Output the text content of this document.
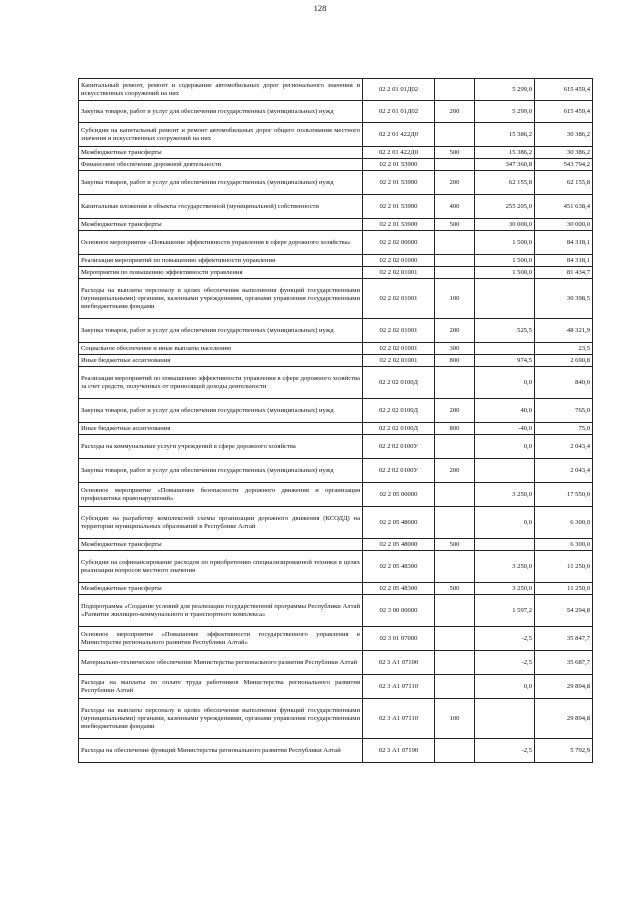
128
Капитальный ремонт, ремонт и содержание автомобильных дорог регионального значения и искусственных сооружений на них	02 2 01 01Д02		5 299,0	615 459,4
Закупка товаров, работ и услуг для обеспечения государственных (муниципальных) нужд	02 2 01 01Д02	200	5 299,0	615 459,4
Субсидии на капитальный ремонт и ремонт автомобильных дорог общего пользования местного значения и искусственных сооружений на них	02 2 01 422Д0		15 386,2	30 386,2
Межбюджетные трансферты	02 2 01 422Д0	500	15 386,2	30 386,2
Финансовое обеспечение дорожной деятельности	02 2 01 53900		347 360,8	543 794,2
Закупка товаров, работ и услуг для обеспечения государственных (муниципальных) нужд	02 2 01 53900	200	62 155,8	62 155,8
Капитальные вложения в объекты государственной (муниципальной) собственности	02 2 01 53900	400	255 205,0	451 638,4
Межбюджетные трансферты	02 2 01 53900	500	30 000,0	30 000,0
Основное мероприятие «Повышение эффективности управления в сфере дорожного хозяйства»	02 2 02 00000		1 500,0	84 318,1
Реализация мероприятий по повышению эффективности управления	02 2 02 01000		1 500,0	84 318,1
Мероприятия по повышению эффективности управления	02 2 02 01001		1 500,0	81 434,7
Расходы на выплаты персоналу в целях обеспечения выполнения функций государственными (муниципальными) органами, казенными учреждениями, органами управления государственными внебюджетными фондами	02 2 02 01001	100		30 398,5
Закупка товаров, работ и услуг для обеспечения государственных (муниципальных) нужд	02 2 02 01001	200	525,5	48 321,9
Социальное обеспечение и иные выплаты населению	02 2 02 01001	300		23,5
Иные бюджетные ассигнования	02 2 02 01001	800	974,5	2 690,8
Реализация мероприятий по повышению эффективности управления в сфере дорожного хозяйства за счет средств, полученных от приносящей доходы деятельности	02 2 02 0100Д		0,0	840,0
Закупка товаров, работ и услуг для обеспечения государственных (муниципальных) нужд	02 2 02 0100Д	200	40,0	765,0
Иные бюджетные ассигнования	02 2 02 0100Д	800	-40,0	75,0
Расходы на коммунальные услуги учреждений в сфере дорожного хозяйства	02 2 02 0100У		0,0	2 043,4
Закупка товаров, работ и услуг для обеспечения государственных (муниципальных) нужд	02 2 02 0100У	200		2 043,4
Основное мероприятие «Повышение безопасности дорожного движения и организация профилактика правонарушений»	02 2 05 00000		3 250,0	17 550,0
Субсидии на разработку комплексной схемы организации дорожного движения (КСОДД) на территории муниципальных образований в Республике Алтай	02 2 05 48000		0,0	6 300,0
Межбюджетные трансферты	02 2 05 48000	500		6 300,0
Субсидии на софинансирование расходов по приобретению специализированной техники в целях реализации вопросов местного значения	02 2 05 48300		3 250,0	11 250,0
Межбюджетные трансферты	02 2 05 48300	500	3 250,0	11 250,0
Подпрограмма «Создание условий для реализации государственной программы Республики Алтай «Развитие жилищно-коммунального и транспортного комплекса»	02 3 00 00000		1 597,2	54 294,8
Основное мероприятие «Повышение эффективности государственного управления в Министерстве регионального развития Республики Алтай»	02 3 01 07000		-2,5	35 847,7
Материально-техническое обеспечение Министерства регионального развития Республики Алтай	02 3 А1 07100		-2,5	35 687,7
Расходы на выплаты по оплате труда работников Министерства регионального развития Республики Алтай	02 3 А1 07110		0,0	29 894,8
Расходы на выплаты персоналу в целях обеспечения выполнения функций государственными (муниципальными) органами, казенными учреждениями, органами управления государственными внебюджетными фондами	02 3 А1 07110	100		29 894,8
Расходы на обеспечение функций Министерства регионального развития Республики Алтай	02 3 А1 07190		-2,5	5 792,9
